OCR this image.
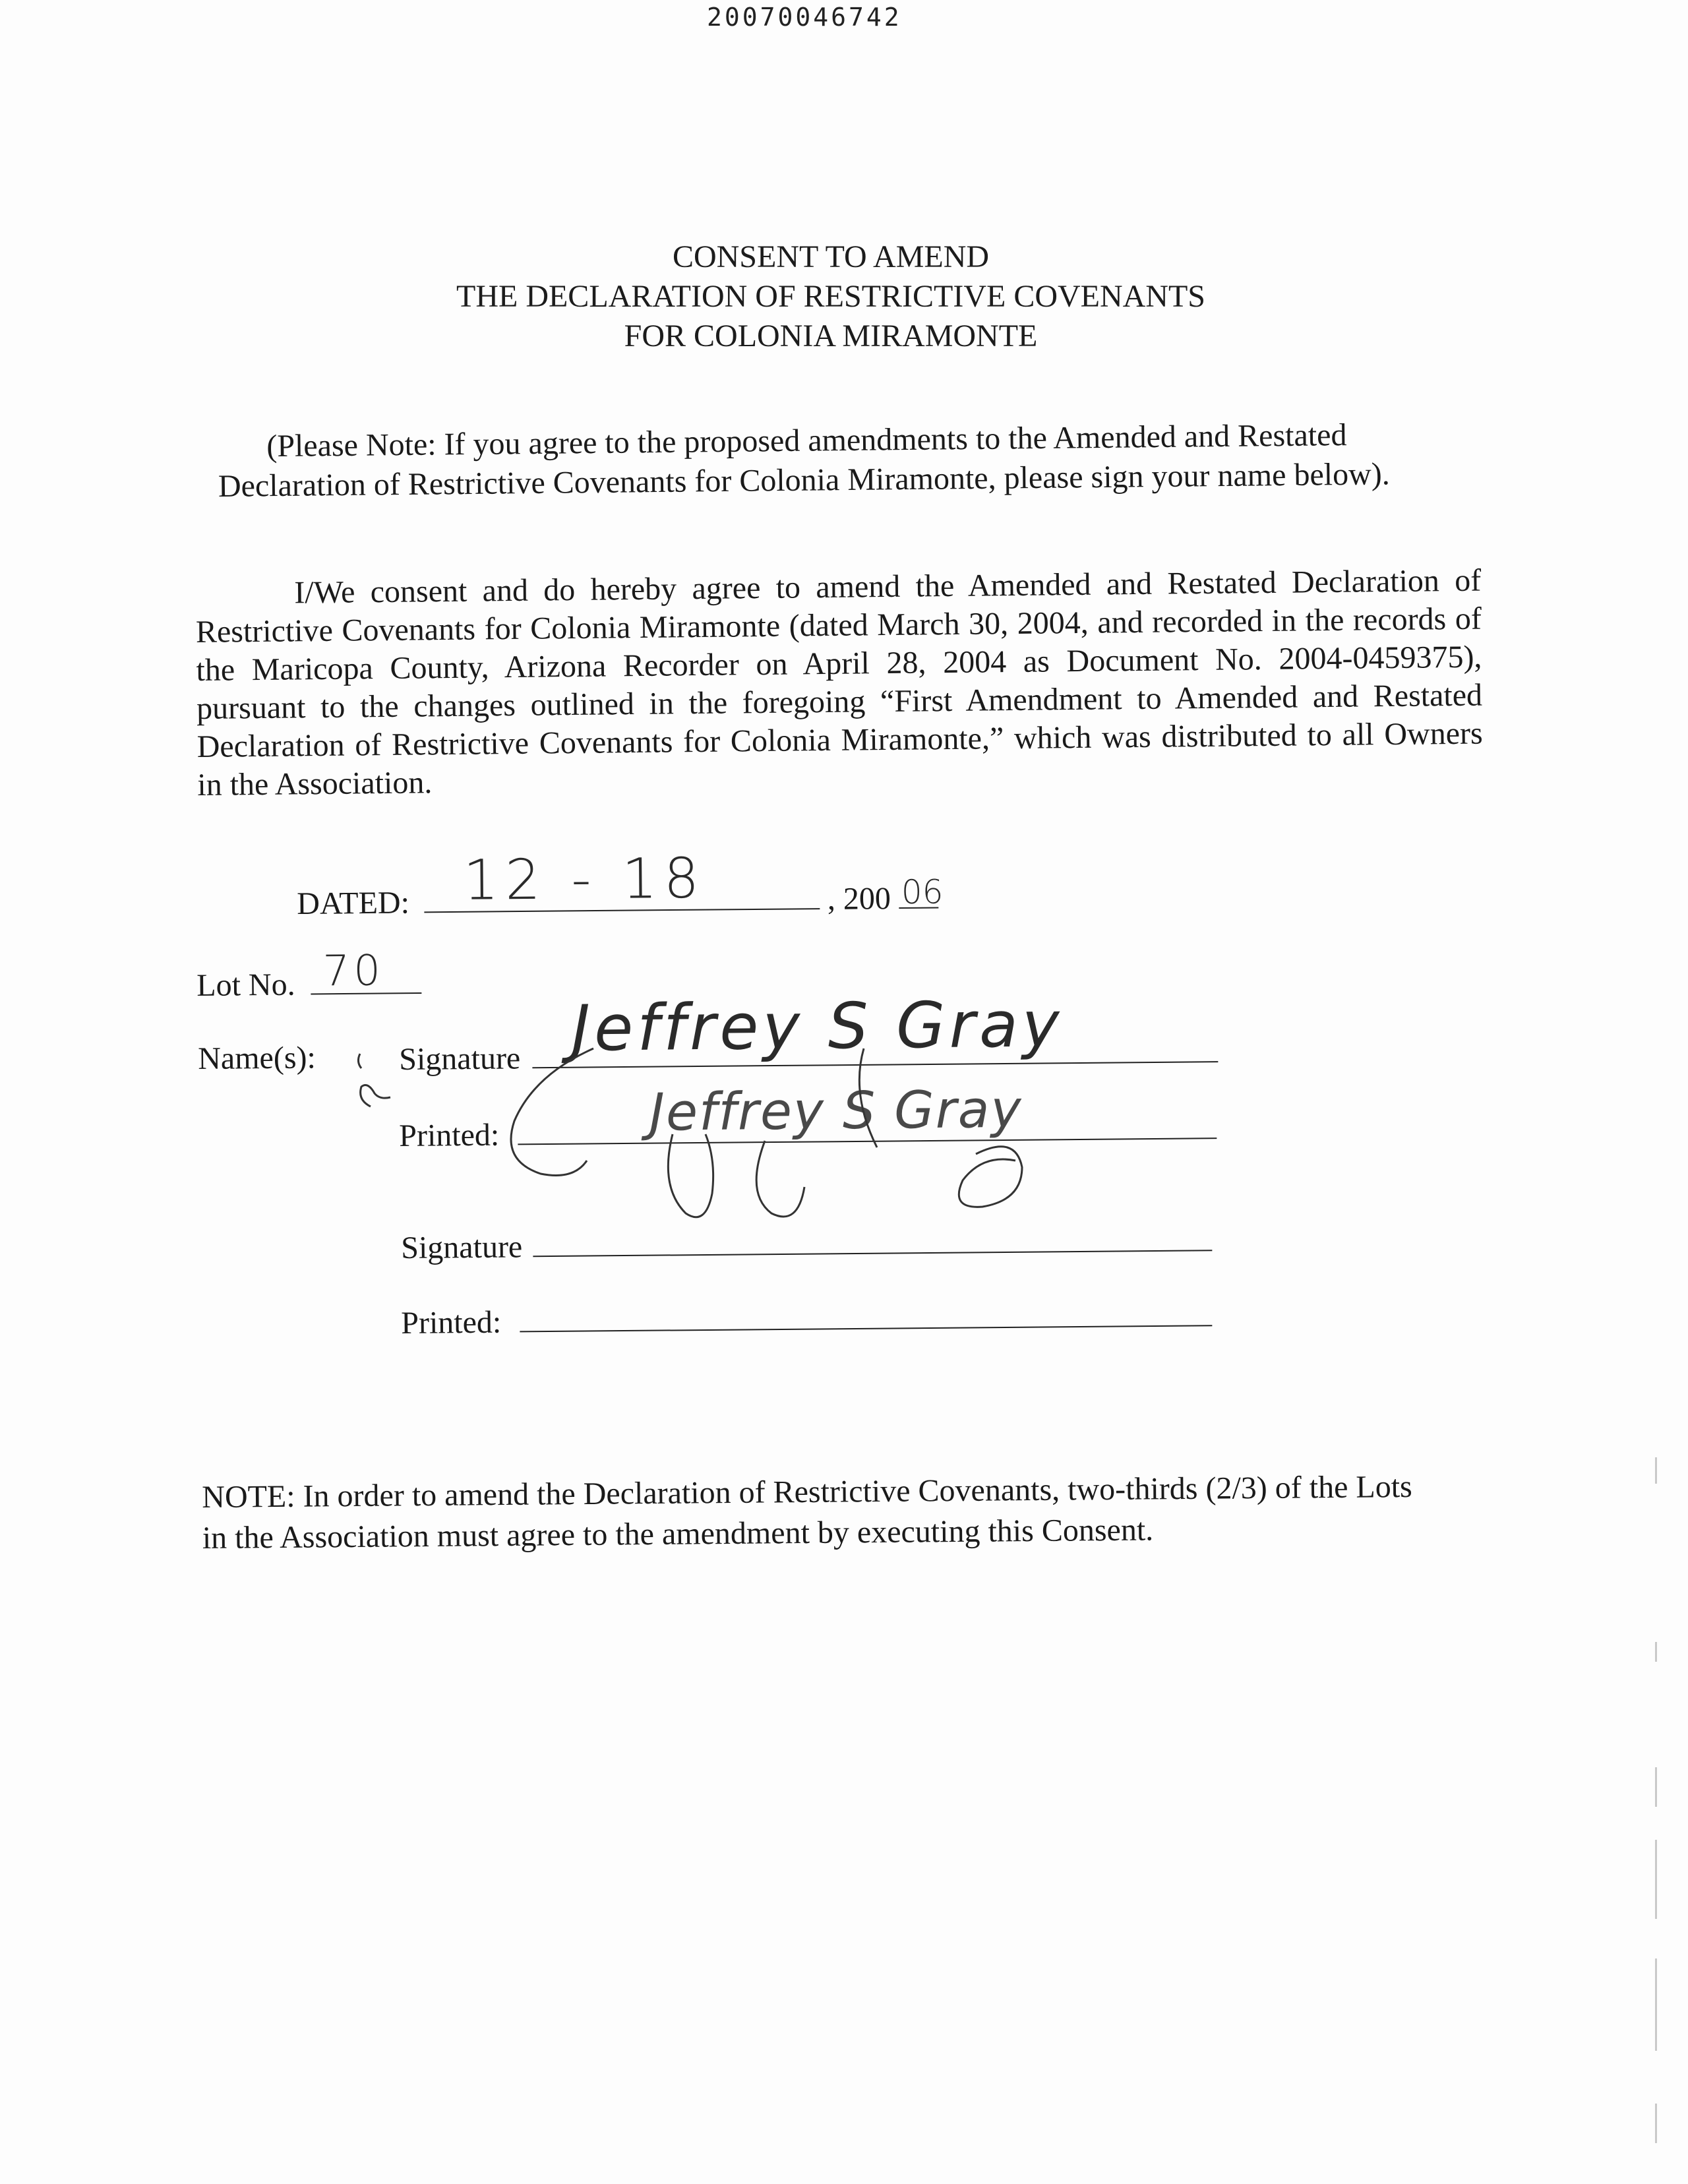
20070046742
CONSENT TO AMEND
THE DECLARATION OF RESTRICTIVE COVENANTS
FOR COLONIA MIRAMONTE
(Please Note: If you agree to the proposed amendments to the Amended and Restated
Declaration of Restrictive Covenants for Colonia Miramonte, please sign your name below).
I/We consent and do hereby agree to amend the Amended and Restated Declaration of Restrictive Covenants for Colonia Miramonte (dated March 30, 2004, and recorded in the records of the Maricopa County, Arizona Recorder on April 28, 2004 as Document No. 2004-0459375), pursuant to the changes outlined in the foregoing “First Amendment to Amended and Restated Declaration of Restrictive Covenants for Colonia Miramonte,” which was distributed to all Owners in the Association.
DATED: 12 - 18	, 200 06
Lot No. 70
Name(s):	Signature Jeffrey S Gray
Printed:	Jeffrey S Gray
Signature
Printed:
NOTE: In order to amend the Declaration of Restrictive Covenants, two-thirds (2/3) of the Lots
in the Association must agree to the amendment by executing this Consent.
